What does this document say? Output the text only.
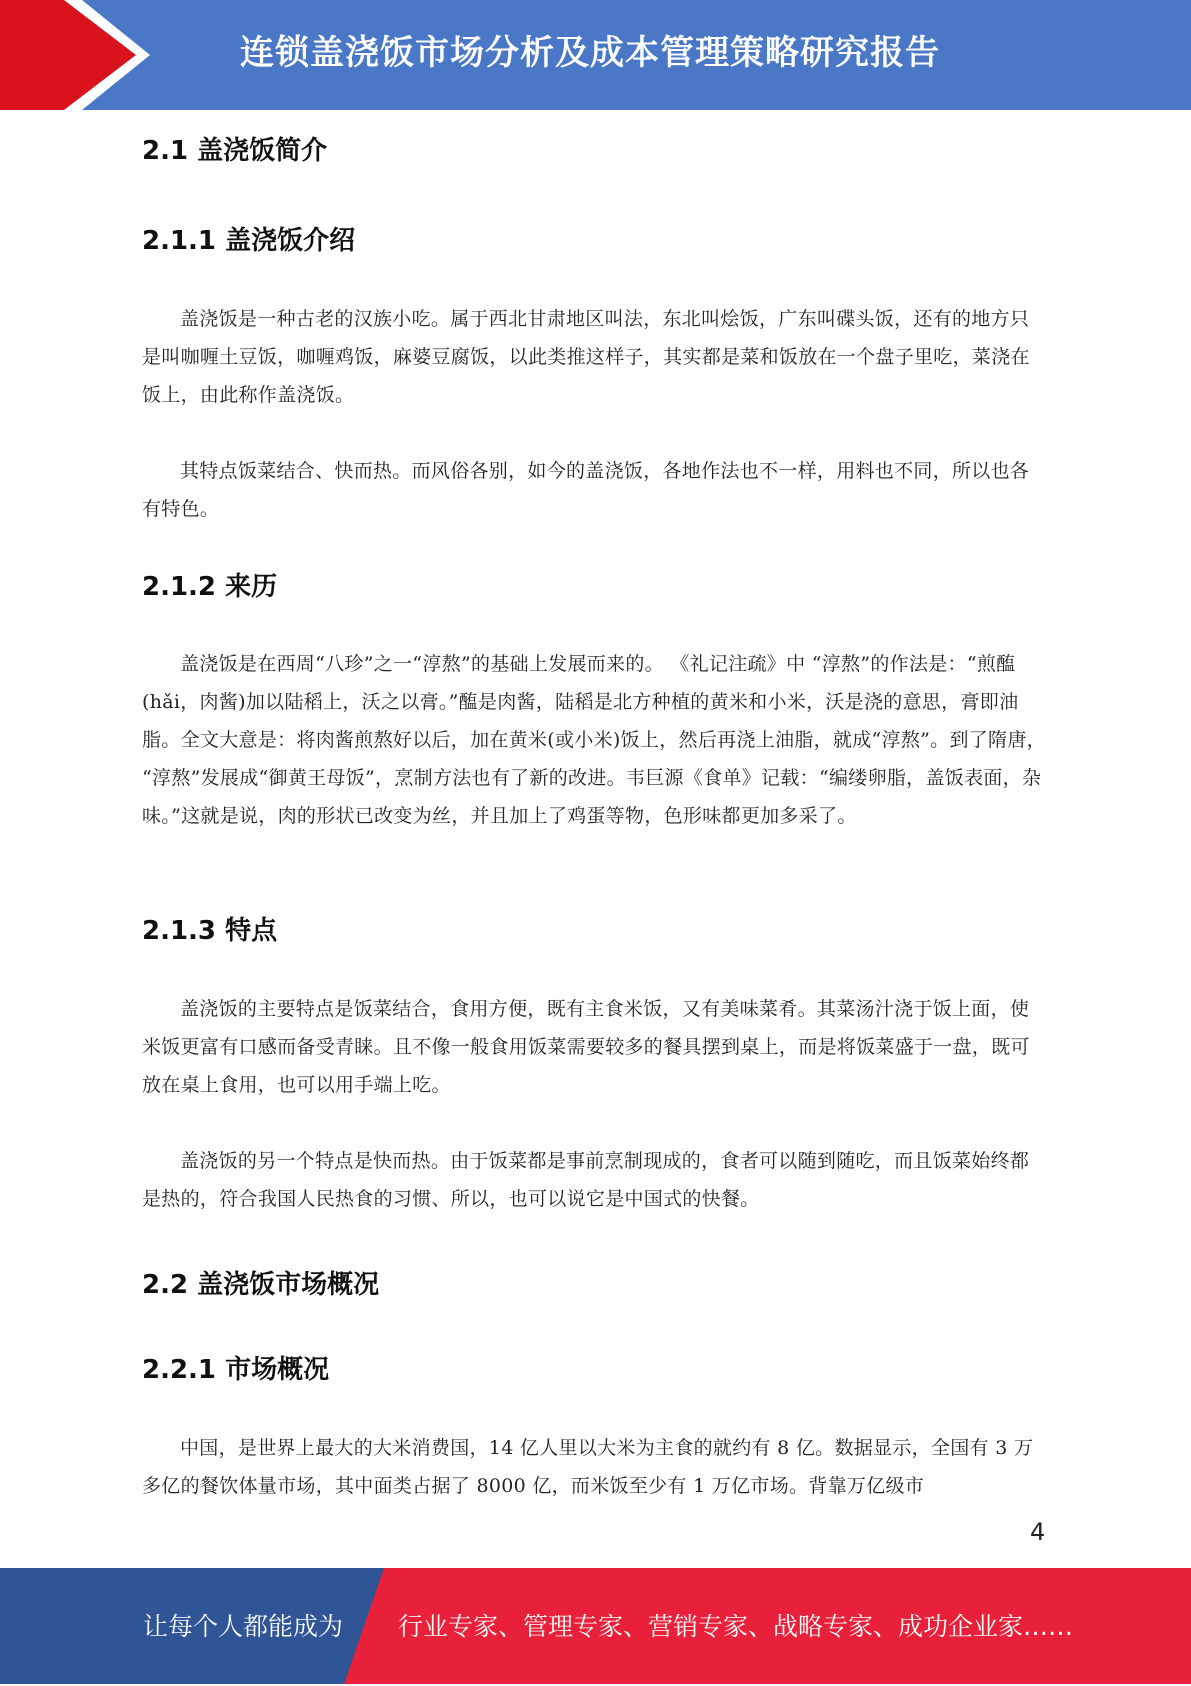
连锁盖浇饭市场分析及成本管理策略研究报告
2.1 盖浇饭简介
2.1.1 盖浇饭介绍

盖浇饭是一种古老的汉族小吃。属于西北甘肃地区叫法，东北叫烩饭，广东叫碟头饭，还有的地方只是叫咖喱土豆饭，咖喱鸡饭，麻婆豆腐饭，以此类推这样子，其实都是菜和饭放在一个盘子里吃，菜浇在饭上，由此称作盖浇饭。

其特点饭菜结合、快而热。而风俗各别，如今的盖浇饭，各地作法也不一样，用料也不同，所以也各有特色。

2.1.2 来历

盖浇饭是在西周“八珍”之一“淳熬”的基础上发展而来的。 《礼记注疏》中 “淳熬”的作法是：“煎醢(hǎi，肉酱)加以陆稻上，沃之以膏。”醢是肉酱，陆稻是北方种植的黄米和小米，沃是浇的意思，膏即油脂。全文大意是：将肉酱煎熬好以后，加在黄米(或小米)饭上，然后再浇上油脂，就成“淳熬”。到了隋唐， “淳熬”发展成“御黄王母饭”，烹制方法也有了新的改进。韦巨源《食单》记载：“编缕卵脂，盖饭表面，杂味。”这就是说，肉的形状已改变为丝，并且加上了鸡蛋等物，色形味都更加多采了。

2.1.3 特点

盖浇饭的主要特点是饭菜结合，食用方便，既有主食米饭，又有美味菜肴。其菜汤汁浇于饭上面，使米饭更富有口感而备受青睐。且不像一般食用饭菜需要较多的餐具摆到桌上，而是将饭菜盛于一盘，既可放在桌上食用，也可以用手端上吃。

盖浇饭的另一个特点是快而热。由于饭菜都是事前烹制现成的，食者可以随到随吃，而且饭菜始终都是热的，符合我国人民热食的习惯、所以，也可以说它是中国式的快餐。

2.2 盖浇饭市场概况
2.2.1 市场概况

中国，是世界上最大的大米消费国，14 亿人里以大米为主食的就约有 8 亿。数据显示，全国有 3 万多亿的餐饮体量市场，其中面类占据了 8000 亿，而米饭至少有 1 万亿市场。背靠万亿级市

4
让每个人都能成为 行业专家、管理专家、营销专家、战略专家、成功企业家……
